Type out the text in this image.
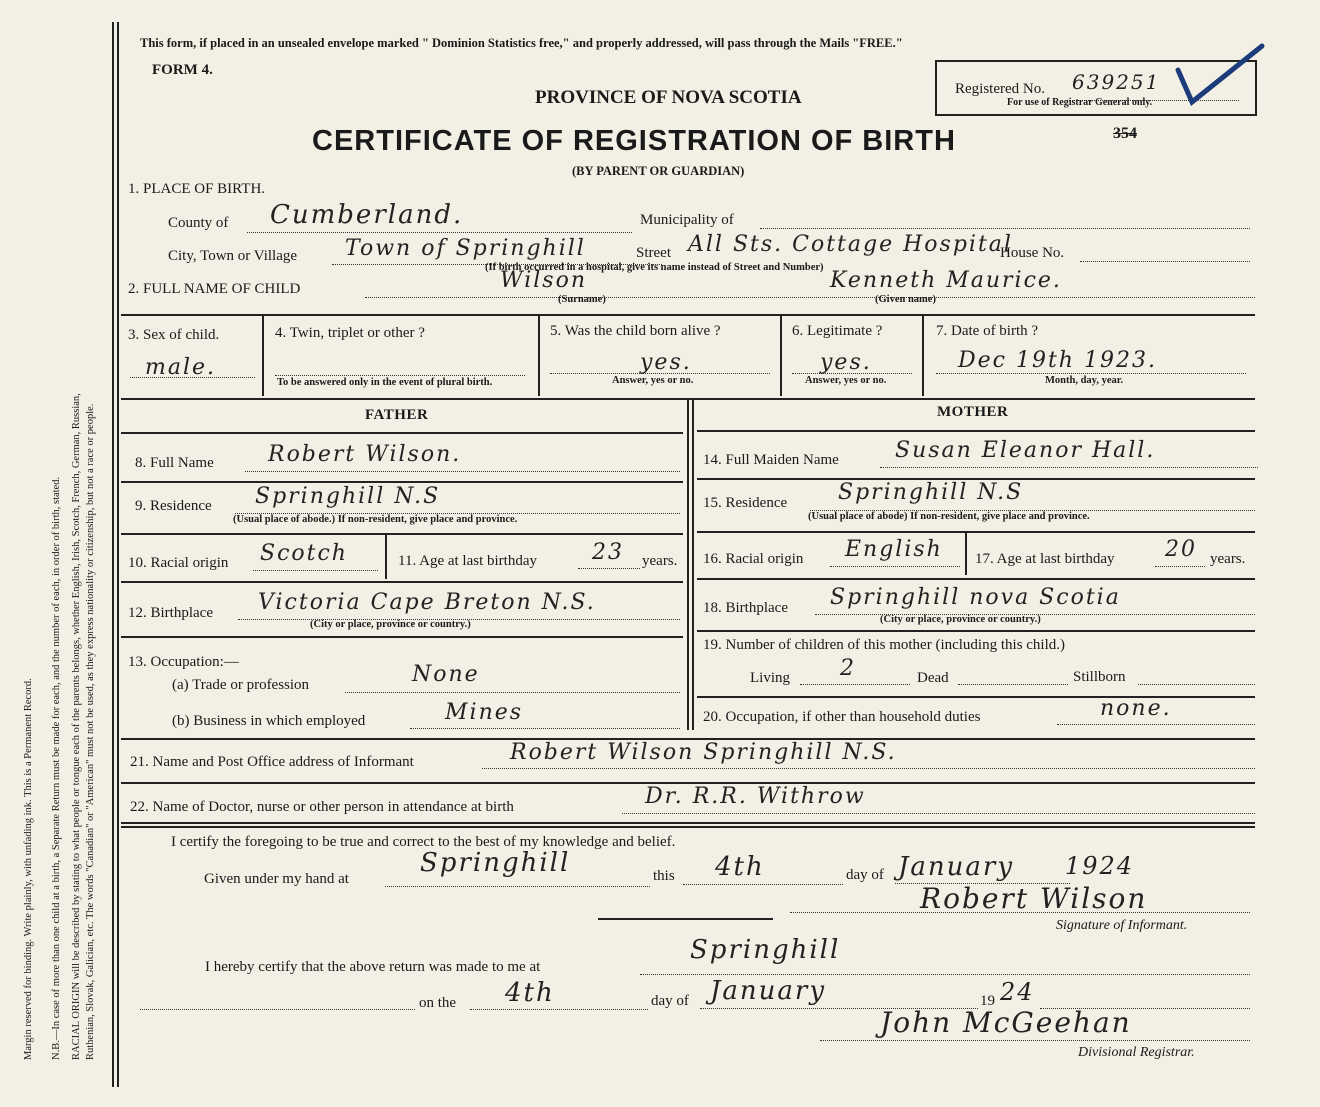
Margin reserved for binding. Write plainly, with unfading ink. This is a Permanent Record. N.B.—In case of more than one child at a birth, a Separate Return must be made for each, and the number of each, in order of birth, stated. RACIAL ORIGIN will be described by stating to what people or tongue each of the parents belongs, whether English, Irish, Scotch, French, German, Russian, Ruthenian, Slovak, Galician, etc. The words "Canadian" or "American" must not be used, as they express nationality or citizenship, but not a race or people.
This form, if placed in an unsealed envelope marked " Dominion Statistics free," and properly addressed, will pass through the Mails "FREE."
FORM 4.
PROVINCE OF NOVA SCOTIA
CERTIFICATE OF REGISTRATION OF BIRTH
(BY PARENT OR GUARDIAN)
Registered No. 639251
For use of Registrar General only.
354
1. PLACE OF BIRTH.
County of Cumberland.	Municipality of
City, Town or Village Town of Springhill	Street All Sts. Cottage Hospital
House No.
(If birth occurred in a hospital, give its name instead of Street and Number)
2. FULL NAME OF CHILD	Wilson
(Surname)
Kenneth Maurice.
(Given name)
3. Sex of child.
male.
4. Twin, triplet or other ?
To be answered only in the event of plural birth.
5. Was the child born alive ?
yes.
Answer, yes or no.
6. Legitimate ?
yes.
Answer, yes or no.
7. Date of birth ?
Dec 19th 1923.
Month, day, year.
FATHER	MOTHER
8. Full Name Robert Wilson.
9. Residence Springhill N.S
(Usual place of abode.) If non-resident, give place and province.
10. Racial origin Scotch	11. Age at last birthday	23 years.
12. Birthplace Victoria Cape Breton N.S.
(City or place, province or country.)
13. Occupation:—
(a) Trade or profession	None
(b) Business in which employed	Mines
14. Full Maiden Name	Susan Eleanor Hall.
15. Residence Springhill N.S
(Usual place of abode) If non-resident, give place and province.
16. Racial origin English 17. Age at last birthday 20 years.
18. Birthplace Springhill nova Scotia
(City or place, province or country.)
19. Number of children of this mother (including this child.)
Living 2	Dead	Stillborn
20. Occupation, if other than household duties	none.
21. Name and Post Office address of Informant	Robert Wilson Springhill N.S.
22. Name of Doctor, nurse or other person in attendance at birth	Dr. R.R. Withrow
I certify the foregoing to be true and correct to the best of my knowledge and belief.
Given under my hand at
Springhill	this 4th	day of January 1924
Robert Wilson
Signature of Informant.
I hereby certify that the above return was made to me at
Springhill
on the 4th	day of January	19 24
John McGeehan
Divisional Registrar.
